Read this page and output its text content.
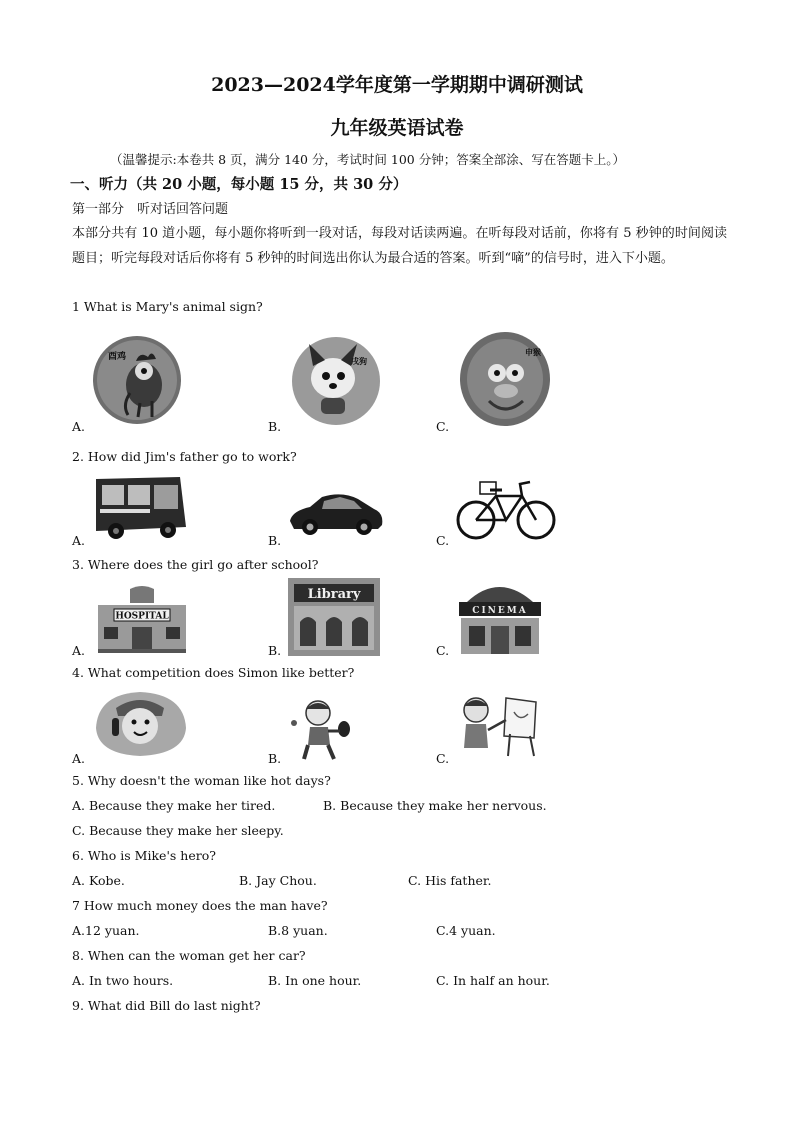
2023—2024学年度第一学期期中调研测试
九年级英语试卷
（温馨提示:本卷共 8 页，满分 140 分，考试时间 100 分钟；答案全部涂、写在答题卡上。）
一、听力（共 20 小题，每小题 15 分，共 30 分）
第一部分　听对话回答问题
本部分共有 10 道小题，每小题你将听到一段对话，每段对话读两遍。在听每段对话前，你将有 5 秒钟的时间阅读题目；听完每段对话后你将有 5 秒钟的时间选出你认为最合适的答案。听到“嘀”的信号时，进入下小题。
1 What is Mary's animal sign?
酉鸡
A.
戌狗
B.
申猴
C.
2. How did Jim's father go to work?
A.	B.	C.
3. Where does the girl go after school?
HOSPITAL
A.
Library
B.
CINEMA
C.
4. What competition does Simon like better?
A.	B.	C.
5. Why doesn't the woman like hot days?
A. Because they make her tired.	B. Because they make her nervous.
C. Because they make her sleepy.
6. Who is Mike's hero?
A. Kobe.	B. Jay Chou.	C. His father.
7 How much money does the man have?
A.12 yuan.	B.8 yuan.	C.4 yuan.
8. When can the woman get her car?
A. In two hours.	B. In one hour.	C. In half an hour.
9. What did Bill do last night?
